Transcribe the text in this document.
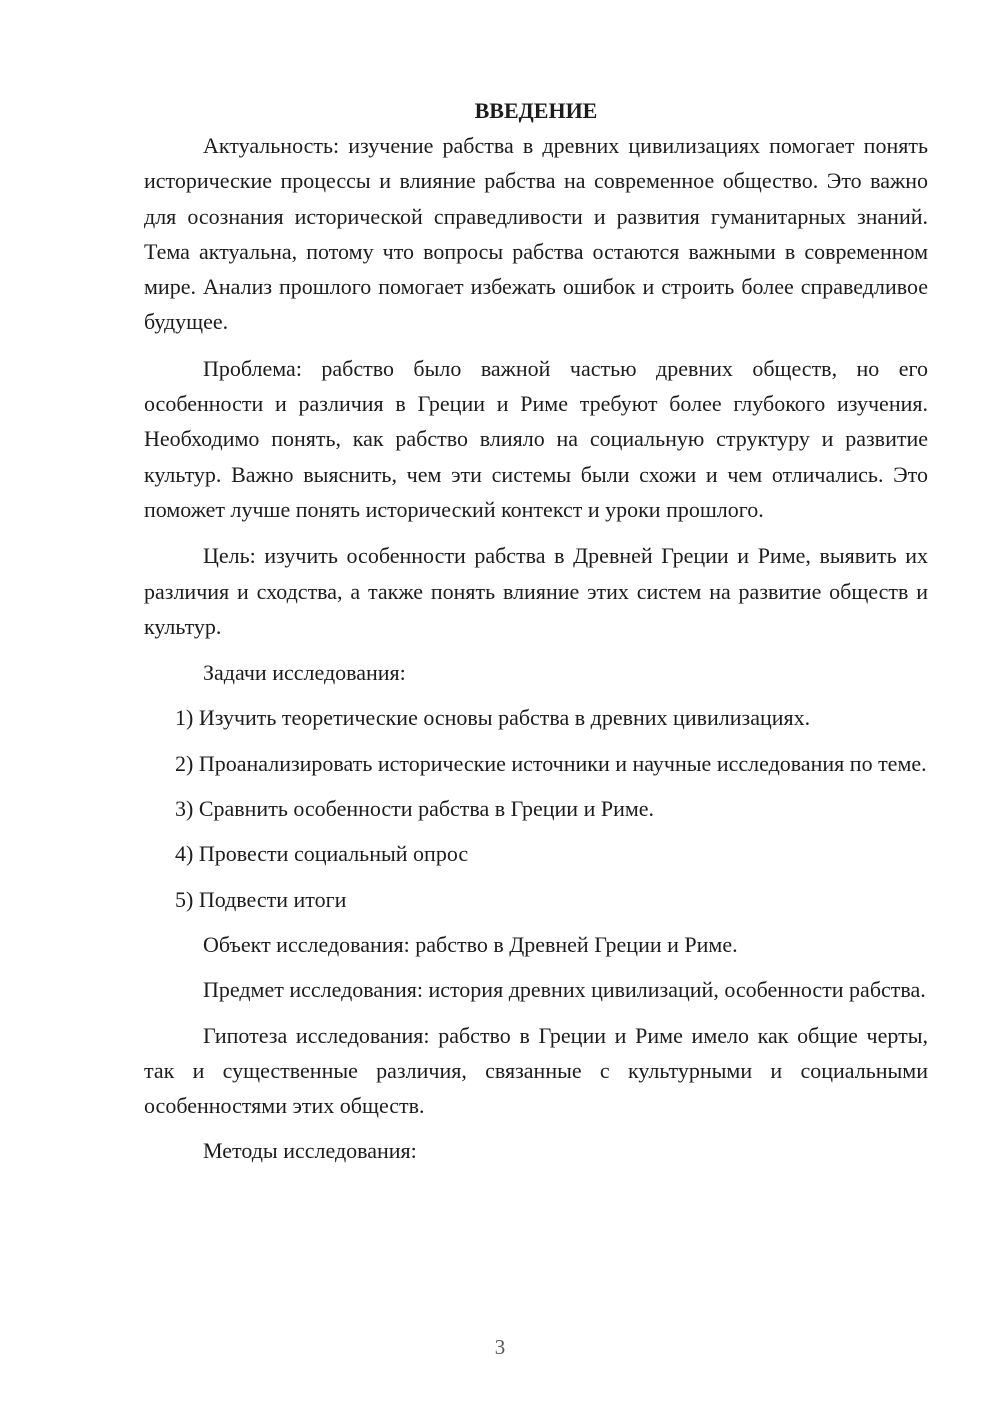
ВВЕДЕНИЕ

Актуальность: изучение рабства в древних цивилизациях помогает понять исторические процессы и влияние рабства на современное общество. Это важно для осознания исторической справедливости и развития гуманитарных знаний. Тема актуальна, потому что вопросы рабства остаются важными в современном мире. Анализ прошлого помогает избежать ошибок и строить более справедливое будущее.

Проблема: рабство было важной частью древних обществ, но его особенности и различия в Греции и Риме требуют более глубокого изучения. Необходимо понять, как рабство влияло на социальную структуру и развитие культур. Важно выяснить, чем эти системы были схожи и чем отличались. Это поможет лучше понять исторический контекст и уроки прошлого.

Цель: изучить особенности рабства в Древней Греции и Риме, выявить их различия и сходства, а также понять влияние этих систем на развитие обществ и культур.

Задачи исследования:

1) Изучить теоретические основы рабства в древних цивилизациях.

2) Проанализировать исторические источники и научные исследования по теме.

3) Сравнить особенности рабства в Греции и Риме.

4) Провести социальный опрос

5) Подвести итоги

Объект исследования: рабство в Древней Греции и Риме.

Предмет исследования: история древних цивилизаций, особенности рабства.

Гипотеза исследования: рабство в Греции и Риме имело как общие черты, так и существенные различия, связанные с культурными и социальными особенностями этих обществ.

Методы исследования:

3
